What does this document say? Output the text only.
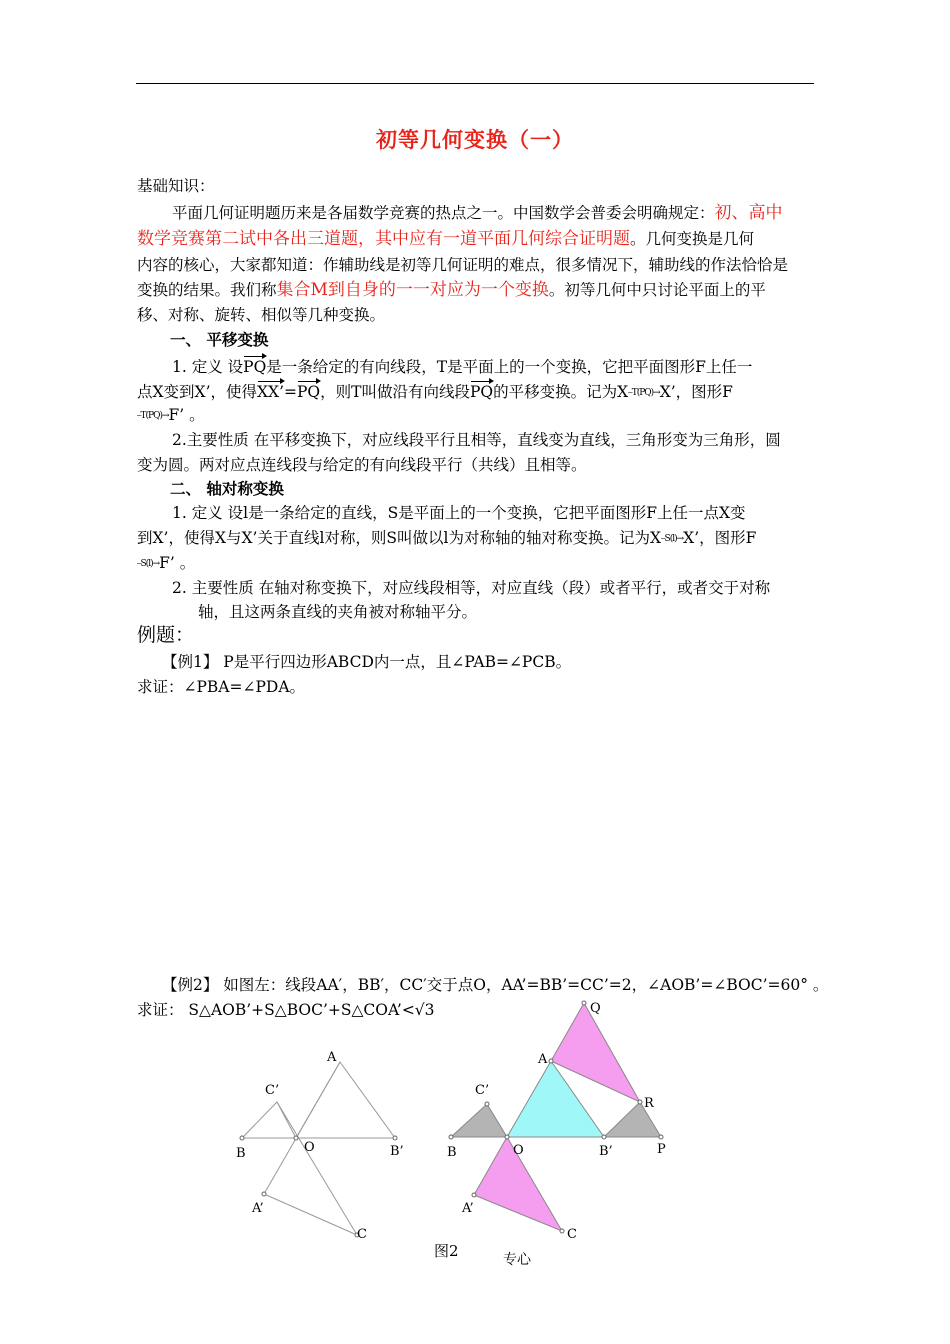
初等几何变换（一）
基础知识：
平面几何证明题历来是各届数学竞赛的热点之一。中国数学会普委会明确规定：初、高中
数学竞赛第二试中各出三道题，其中应有一道平面几何综合证明题。几何变换是几何
内容的核心，大家都知道：作辅助线是初等几何证明的难点，很多情况下，辅助线的作法恰恰是
变换的结果。我们称集合M到自身的一一对应为一个变换。初等几何中只讨论平面上的平
移、对称、旋转、相似等几种变换。
一、 平移变换
1. 定义 设PQ是一条给定的有向线段，T是平面上的一个变换，它把平面图形F上任一
点X变到X’，使得XX’=PQ，则T叫做沿有向线段PQ的平移变换。记为X⎯T(PQ)→X’，图形F
⎯T(PQ)→F’ 。
2.主要性质 在平移变换下，对应线段平行且相等，直线变为直线，三角形变为三角形，圆
变为圆。两对应点连线段与给定的有向线段平行（共线）且相等。
二、 轴对称变换
1. 定义 设l是一条给定的直线，S是平面上的一个变换，它把平面图形F上任一点X变
到X’，使得X与X’关于直线l对称，则S叫做以l为对称轴的轴对称变换。记为X⎯S(l)→X’，图形F
⎯S(l)→F’ 。
2. 主要性质 在轴对称变换下，对应线段相等，对应直线（段）或者平行，或者交于对称
轴，且这两条直线的夹角被对称轴平分。
例题：
【例1】 P是平行四边形ABCD内一点，且∠PAB=∠PCB。
求证：∠PBA=∠PDA。
【例2】 如图左：线段AA′，BB′，CC′交于点O，AA’=BB’=CC’=2，∠AOB’=∠BOC’=60° 。
求证： S△AOB’+S△BOC’+S△COA’<√3
A
C’
B	O	B’
A’
C
Q
A
C’
R
B	O	B’	P
A’
C
图2	专心
